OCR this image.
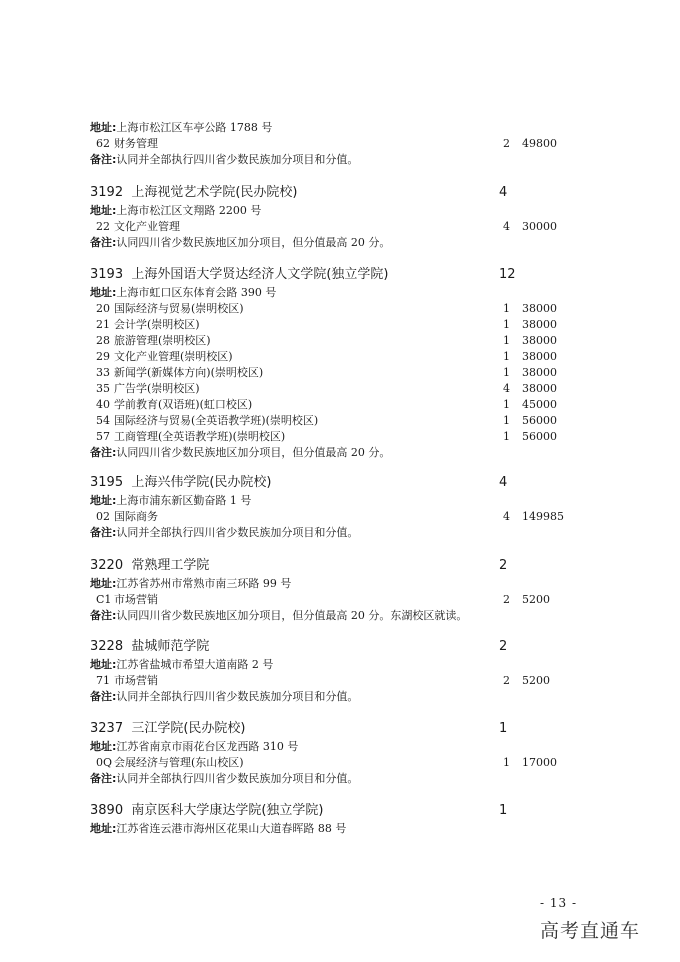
地址:上海市松江区车亭公路 1788 号
62 财务管理	2 49800
备注:认同并全部执行四川省少数民族加分项目和分值。
3192 上海视觉艺术学院(民办院校)	4
地址:上海市松江区文翔路 2200 号
22 文化产业管理	4 30000
备注:认同四川省少数民族地区加分项目，但分值最高 20 分。
3193 上海外国语大学贤达经济人文学院(独立学院)	12
地址:上海市虹口区东体育会路 390 号
20 国际经济与贸易(崇明校区)	1 38000
21 会计学(崇明校区)	1 38000
28 旅游管理(崇明校区)	1 38000
29 文化产业管理(崇明校区)	1 38000
33 新闻学(新媒体方向)(崇明校区)	1 38000
35 广告学(崇明校区)	4 38000
40 学前教育(双语班)(虹口校区)	1 45000
54 国际经济与贸易(全英语教学班)(崇明校区)	1 56000
57 工商管理(全英语教学班)(崇明校区)	1 56000
备注:认同四川省少数民族地区加分项目，但分值最高 20 分。
3195 上海兴伟学院(民办院校)	4
地址:上海市浦东新区勤奋路 1 号
02 国际商务	4 149985
备注:认同并全部执行四川省少数民族加分项目和分值。
3220 常熟理工学院	2
地址:江苏省苏州市常熟市南三环路 99 号
C1 市场营销	2 5200
备注:认同四川省少数民族地区加分项目，但分值最高 20 分。东湖校区就读。
3228 盐城师范学院	2
地址:江苏省盐城市希望大道南路 2 号
71 市场营销	2 5200
备注:认同并全部执行四川省少数民族加分项目和分值。
3237 三江学院(民办院校)	1
地址:江苏省南京市雨花台区龙西路 310 号
0Q 会展经济与管理(东山校区)	1 17000
备注:认同并全部执行四川省少数民族加分项目和分值。
3890 南京医科大学康达学院(独立学院)	1
地址:江苏省连云港市海州区花果山大道春晖路 88 号
- 13 -
高考直通车
